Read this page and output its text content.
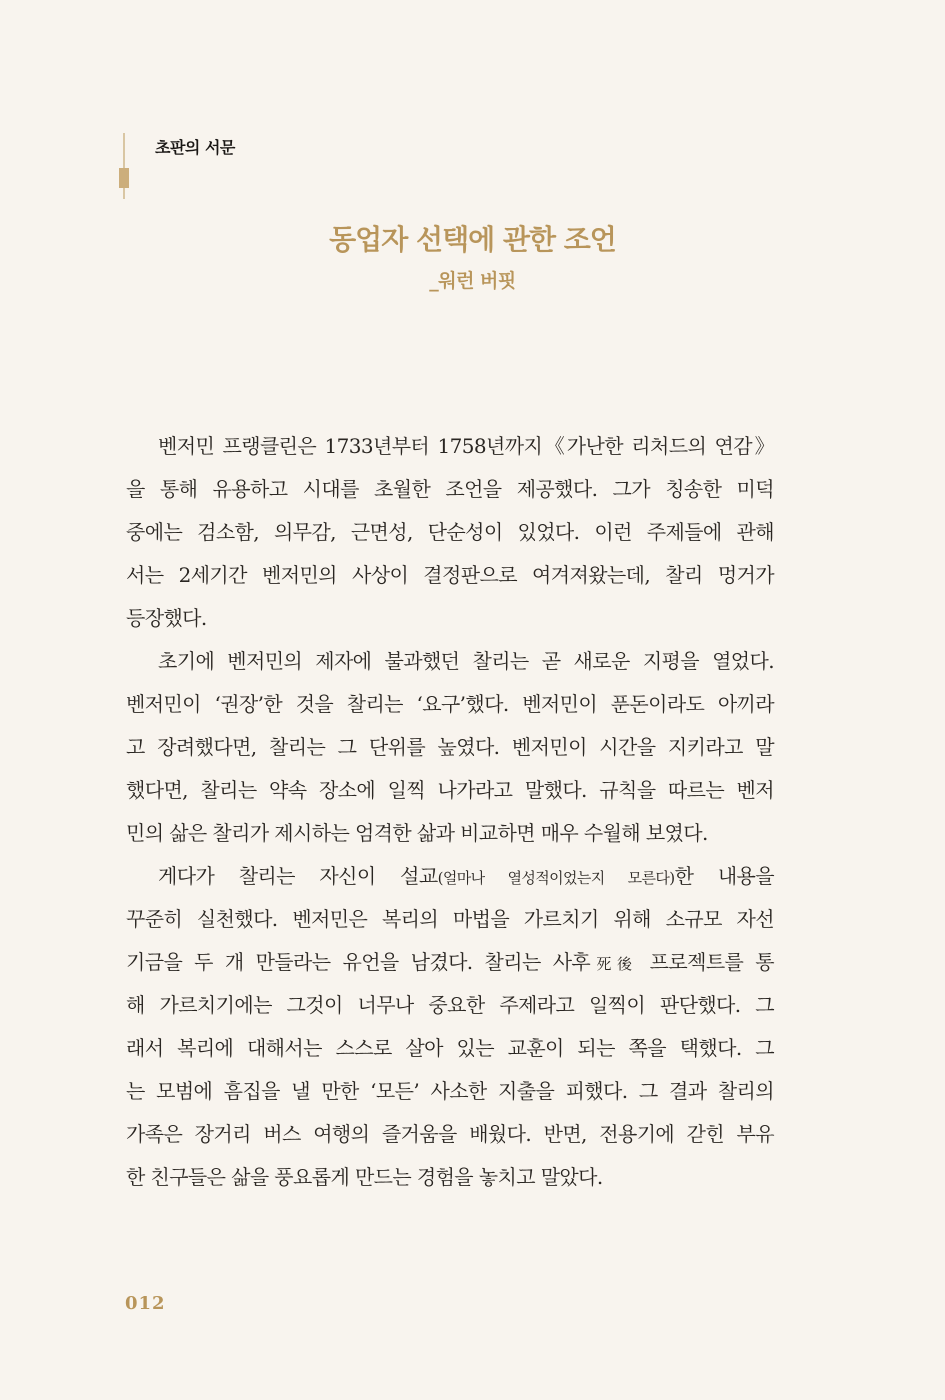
초판의 서문
동업자 선택에 관한 조언
_워런 버핏
벤저민 프랭클린은 1733년부터 1758년까지《가난한 리처드의 연감》
을 통해 유용하고 시대를 초월한 조언을 제공했다. 그가 칭송한 미덕
중에는 검소함, 의무감, 근면성, 단순성이 있었다. 이런 주제들에 관해
서는 2세기간 벤저민의 사상이 결정판으로 여겨져왔는데, 찰리 멍거가
등장했다.
초기에 벤저민의 제자에 불과했던 찰리는 곧 새로운 지평을 열었다.
벤저민이 ‘권장’한 것을 찰리는 ‘요구’했다. 벤저민이 푼돈이라도 아끼라
고 장려했다면, 찰리는 그 단위를 높였다. 벤저민이 시간을 지키라고 말
했다면, 찰리는 약속 장소에 일찍 나가라고 말했다. 규칙을 따르는 벤저
민의 삶은 찰리가 제시하는 엄격한 삶과 비교하면 매우 수월해 보였다.
게다가 찰리는 자신이 설교(얼마나 열성적이었는지 모른다)한 내용을
꾸준히 실천했다. 벤저민은 복리의 마법을 가르치기 위해 소규모 자선
기금을 두 개 만들라는 유언을 남겼다. 찰리는 사후死後 프로젝트를 통
해 가르치기에는 그것이 너무나 중요한 주제라고 일찍이 판단했다. 그
래서 복리에 대해서는 스스로 살아 있는 교훈이 되는 쪽을 택했다. 그
는 모범에 흠집을 낼 만한 ‘모든’ 사소한 지출을 피했다. 그 결과 찰리의
가족은 장거리 버스 여행의 즐거움을 배웠다. 반면, 전용기에 갇힌 부유
한 친구들은 삶을 풍요롭게 만드는 경험을 놓치고 말았다.
012
